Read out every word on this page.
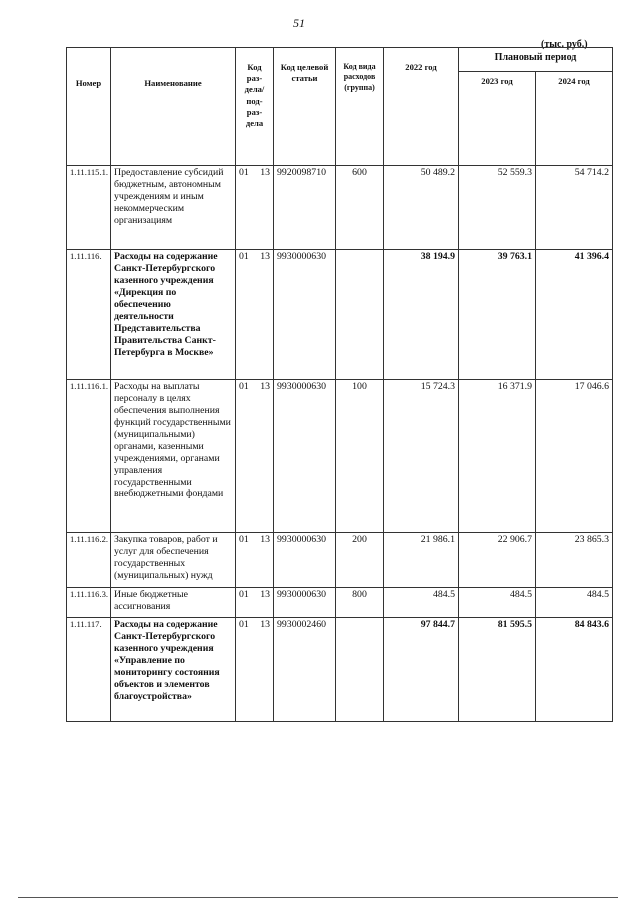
51
(тыс. руб.)
Номер	Наименование	Код раз-дела/ под-раз-дела	Код целевой статьи	Код вида расходов (группа)	2022 год	Плановый период	
						2023 год	2024 год
1.11.115.1.	Предоставление субсидий бюджетным, автономным учреждениям и иным некоммерческим организациям	01 13	9920098710	600	50 489.2	52 559.3	54 714.2
1.11.116.	Расходы на содержание Санкт-Петербургского казенного учреждения «Дирекция по обеспечению деятельности Представительства Правительства Санкт-Петербурга в Москве»	01 13	9930000630		38 194.9	39 763.1	41 396.4
1.11.116.1.	Расходы на выплаты персоналу в целях обеспечения выполнения функций государственными (муниципальными) органами, казенными учреждениями, органами управления государственными внебюджетными фондами	01 13	9930000630	100	15 724.3	16 371.9	17 046.6
1.11.116.2.	Закупка товаров, работ и услуг для обеспечения государственных (муниципальных) нужд	01 13	9930000630	200	21 986.1	22 906.7	23 865.3
1.11.116.3.	Иные бюджетные ассигнования	01 13	9930000630	800	484.5	484.5	484.5
1.11.117.	Расходы на содержание Санкт-Петербургского казенного учреждения «Управление по мониторингу состояния объектов и элементов благоустройства»	01 13	9930002460		97 844.7	81 595.5	84 843.6
